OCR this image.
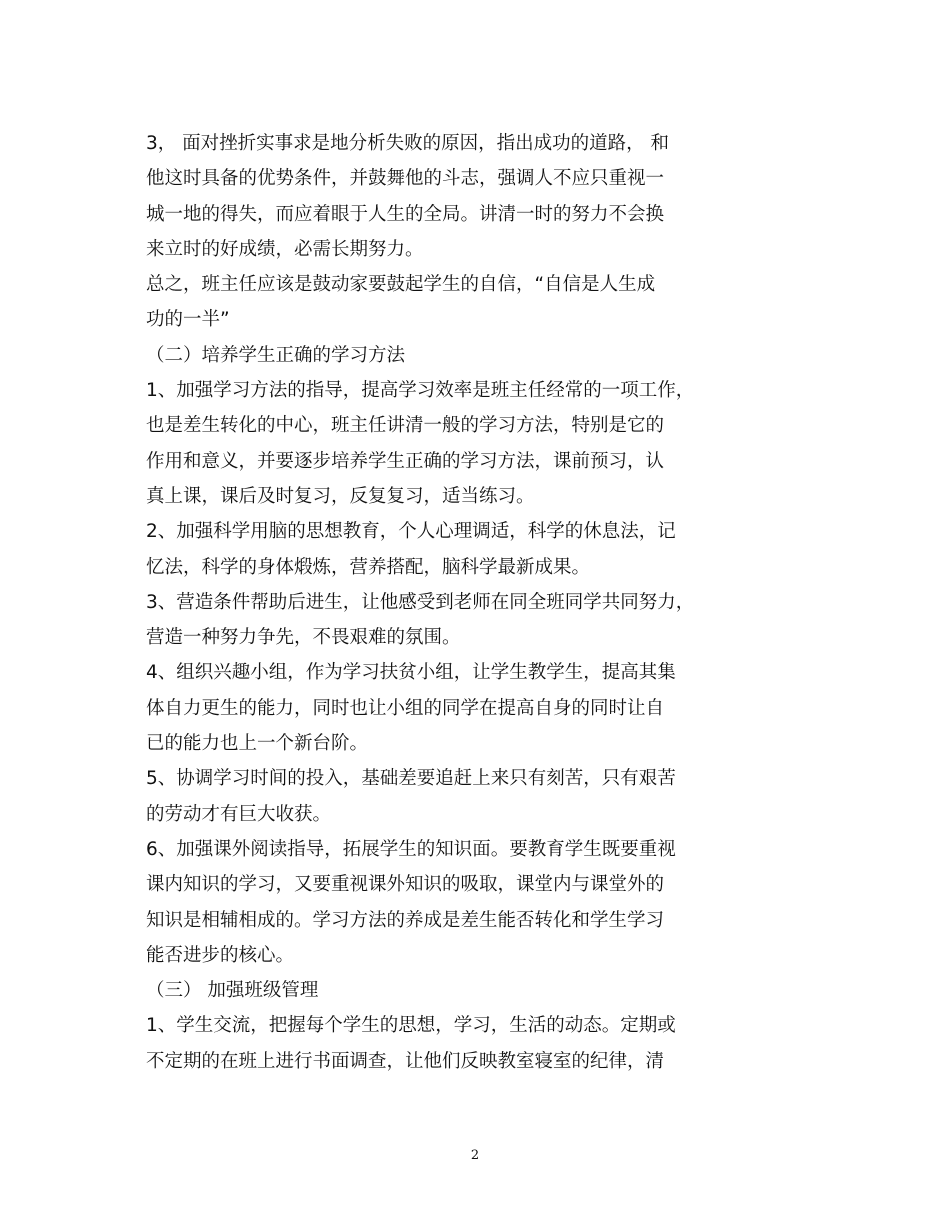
3， 面对挫折实事求是地分析失败的原因，指出成功的道路， 和
他这时具备的优势条件，并鼓舞他的斗志，强调人不应只重视一
城一地的得失，而应着眼于人生的全局。讲清一时的努力不会换
来立时的好成绩，必需长期努力。
总之，班主任应该是鼓动家要鼓起学生的自信，“自信是人生成
功的一半”
（二）培养学生正确的学习方法
1、加强学习方法的指导，提高学习效率是班主任经常的一项工作，
也是差生转化的中心，班主任讲清一般的学习方法，特别是它的
作用和意义，并要逐步培养学生正确的学习方法，课前预习，认
真上课，课后及时复习，反复复习，适当练习。
2、加强科学用脑的思想教育，个人心理调适，科学的休息法，记
忆法，科学的身体煅炼，营养搭配，脑科学最新成果。
3、营造条件帮助后进生，让他感受到老师在同全班同学共同努力，
营造一种努力争先，不畏艰难的氛围。
4、组织兴趣小组，作为学习扶贫小组，让学生教学生，提高其集
体自力更生的能力，同时也让小组的同学在提高自身的同时让自
已的能力也上一个新台阶。
5、协调学习时间的投入，基础差要追赶上来只有刻苦，只有艰苦
的劳动才有巨大收获。
6、加强课外阅读指导，拓展学生的知识面。要教育学生既要重视
课内知识的学习，又要重视课外知识的吸取，课堂内与课堂外的
知识是相辅相成的。学习方法的养成是差生能否转化和学生学习
能否进步的核心。
（三） 加强班级管理
1、学生交流，把握每个学生的思想，学习，生活的动态。定期或
不定期的在班上进行书面调查，让他们反映教室寝室的纪律，清
2
